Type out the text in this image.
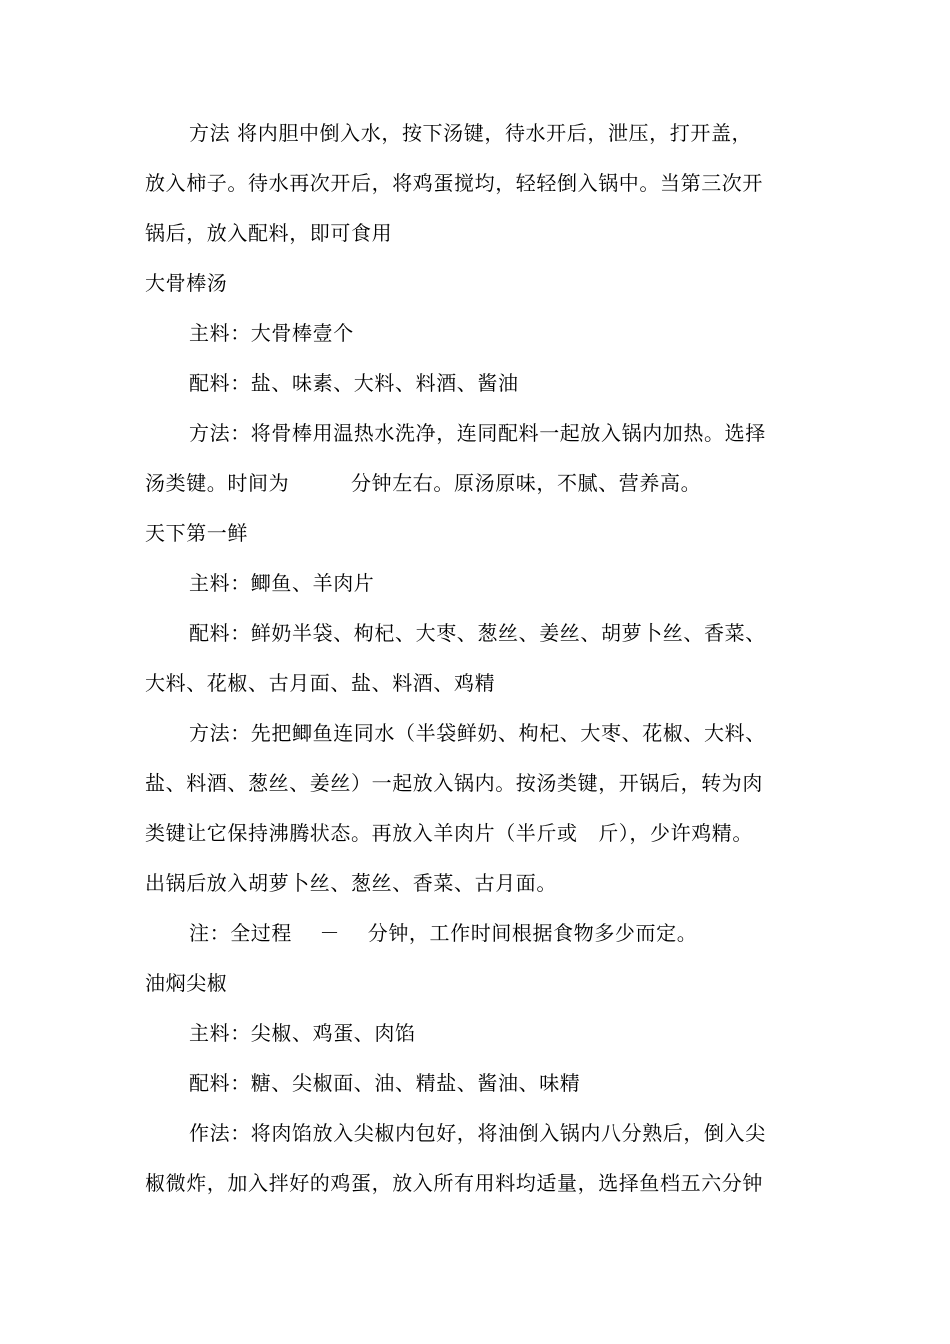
方法 将内胆中倒入水，按下汤键，待水开后，泄压，打开盖，
放入柿子。待水再次开后，将鸡蛋搅均，轻轻倒入锅中。当第三次开
锅后，放入配料，即可食用
大骨棒汤
主料：大骨棒壹个
配料：盐、味素、大料、料酒、酱油
方法：将骨棒用温热水洗净，连同配料一起放入锅内加热。选择
汤类键。时间为　　　分钟左右。原汤原味，不腻、营养高。
天下第一鲜
主料：鲫鱼、羊肉片
配料：鲜奶半袋、枸杞、大枣、葱丝、姜丝、胡萝卜丝、香菜、
大料、花椒、古月面、盐、料酒、鸡精
方法：先把鲫鱼连同水（半袋鲜奶、枸杞、大枣、花椒、大料、
盐、料酒、葱丝、姜丝）一起放入锅内。按汤类键，开锅后，转为肉
类键让它保持沸腾状态。再放入羊肉片（半斤或　斤），少许鸡精。
出锅后放入胡萝卜丝、葱丝、香菜、古月面。
注：全过程　 －　 分钟，工作时间根据食物多少而定。
油焖尖椒
主料：尖椒、鸡蛋、肉馅
配料：糖、尖椒面、油、精盐、酱油、味精
作法：将肉馅放入尖椒内包好，将油倒入锅内八分熟后，倒入尖
椒微炸，加入拌好的鸡蛋，放入所有用料均适量，选择鱼档五六分钟
